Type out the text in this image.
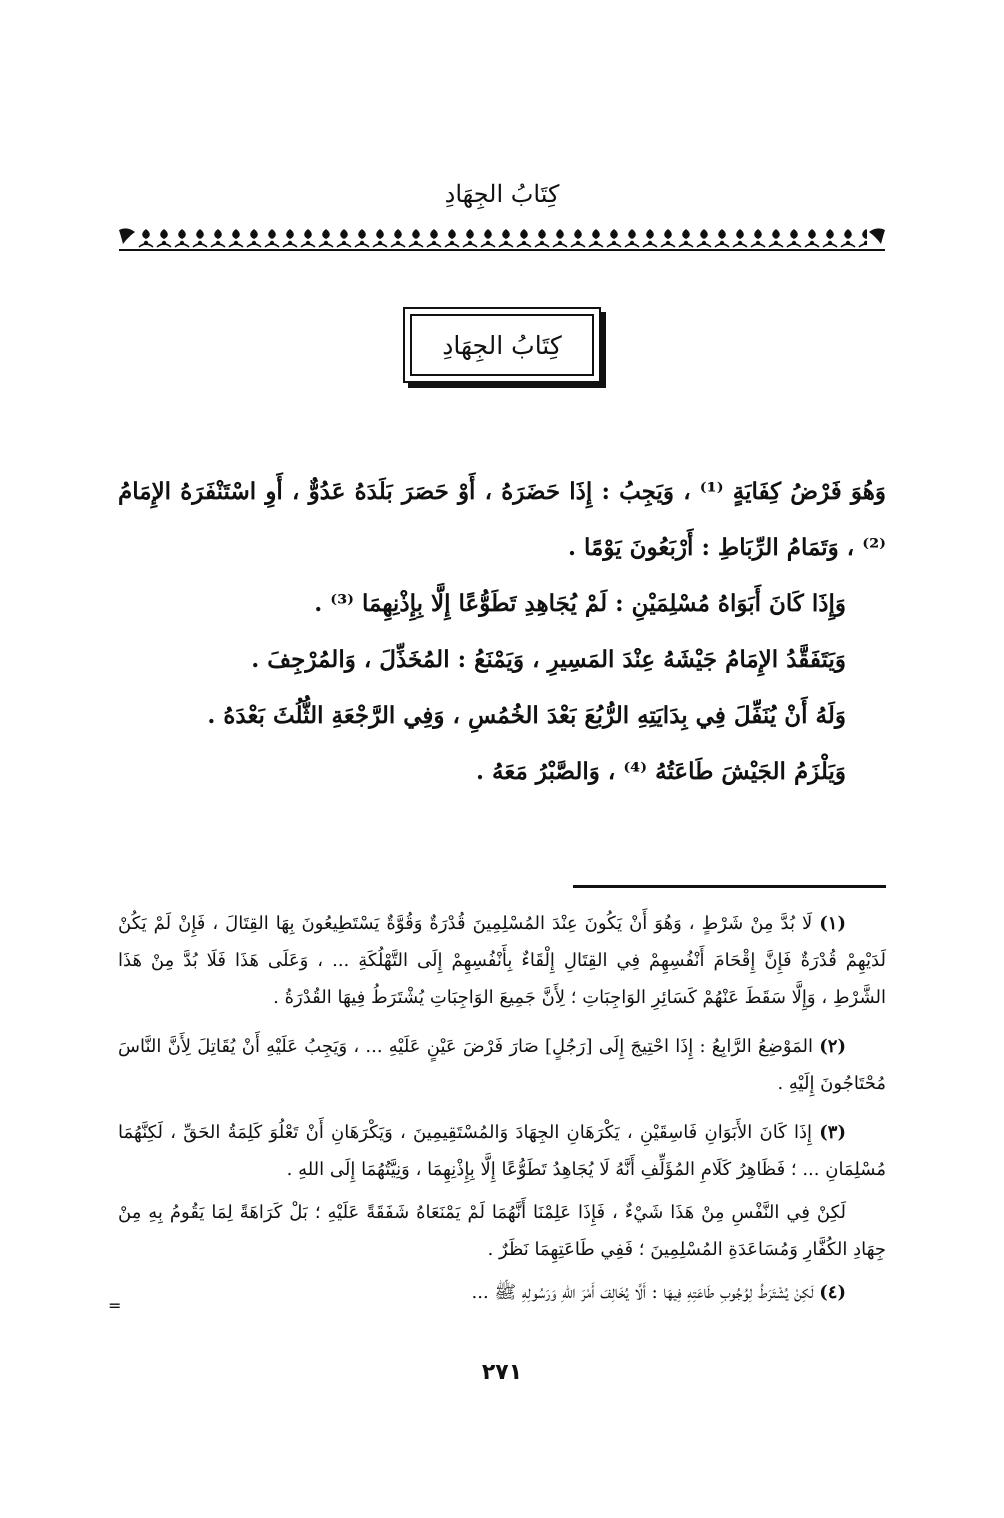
كِتَابُ الجِهَادِ
كِتَابُ الجِهَادِ

وَهُوَ فَرْضُ كِفَايَةٍ ⁽¹⁾ ، وَيَجِبُ : إِذَا حَضَرَهُ ، أَوْ حَصَرَ بَلَدَهُ عَدُوٌّ ، أَوِ اسْتَنْفَرَهُ الإِمَامُ ⁽²⁾ ، وَتَمَامُ الرِّبَاطِ : أَرْبَعُونَ يَوْمًا .

وَإِذَا كَانَ أَبَوَاهُ مُسْلِمَيْنِ : لَمْ يُجَاهِدِ تَطَوُّعًا إِلَّا بِإِذْنِهِمَا ⁽³⁾ .

وَيَتَفَقَّدُ الإِمَامُ جَيْشَهُ عِنْدَ المَسِيرِ ، وَيَمْنَعُ : المُخَذِّلَ ، وَالمُرْجِفَ .

وَلَهُ أَنْ يُنَفِّلَ فِي بِدَايَتِهِ الرُّبُعَ بَعْدَ الخُمُسِ ، وَفِي الرَّجْعَةِ الثُّلُثَ بَعْدَهُ .

وَيَلْزَمُ الجَيْشَ طَاعَتُهُ ⁽⁴⁾ ، وَالصَّبْرُ مَعَهُ .

(١) لَا بُدَّ مِنْ شَرْطٍ ، وَهُوَ أَنْ يَكُونَ عِنْدَ المُسْلِمِينَ قُدْرَةٌ وَقُوَّةٌ يَسْتَطِيعُونَ بِهَا القِتَالَ ، فَإِنْ لَمْ يَكُنْ لَدَيْهِمْ قُدْرَةٌ فَإِنَّ إِقْحَامَ أَنْفُسِهِمْ فِي القِتَالِ إِلْقَاءٌ بِأَنْفُسِهِمْ إِلَى التَّهْلُكَةِ ... ، وَعَلَى هَذَا فَلَا بُدَّ مِنْ هَذَا الشَّرْطِ ، وَإِلَّا سَقَطَ عَنْهُمْ كَسَائِرِ الوَاجِبَاتِ ؛ لِأَنَّ جَمِيعَ الوَاجِبَاتِ يُشْتَرَطُ فِيهَا القُدْرَةُ .

(٢) المَوْضِعُ الرَّابِعُ : إِذَا احْتِيجَ إِلَى [رَجُلٍ] صَارَ فَرْضَ عَيْنٍ عَلَيْهِ ... ، وَيَجِبُ عَلَيْهِ أَنْ يُقَاتِلَ لِأَنَّ النَّاسَ مُحْتَاجُونَ إِلَيْهِ .

(٣) إِذَا كَانَ الأَبَوَانِ فَاسِقَيْنِ ، يَكْرَهَانِ الجِهَادَ وَالمُسْتَقِيمِينَ ، وَيَكْرَهَانِ أَنْ تَعْلُوَ كَلِمَةُ الحَقِّ ، لَكِنَّهُمَا مُسْلِمَانِ ... ؛ فَظَاهِرُ كَلَامِ المُؤَلِّفِ أَنَّهُ لَا يُجَاهِدُ تَطَوُّعًا إِلَّا بِإِذْنِهِمَا ، وَنِيَّتُهُمَا إِلَى اللهِ .

لَكِنْ فِي النَّفْسِ مِنْ هَذَا شَيْءٌ ، فَإِذَا عَلِمْنَا أَنَّهُمَا لَمْ يَمْنَعَاهُ شَفَقَةً عَلَيْهِ ؛ بَلْ كَرَاهَةً لِمَا يَقُومُ بِهِ مِنْ جِهَادِ الكُفَّارِ وَمُسَاعَدَةِ المُسْلِمِينَ ؛ فَفِي طَاعَتِهِمَا نَظَرٌ .

(٤) لَكِنْ يُشْتَرَطُ لِوُجُوبِ طَاعَتِهِ فِيهَا : أَلَّا يُخَالِفَ أَمْرَ اللهِ وَرَسُولِهِ ﷺ ...

=
٢٧١
